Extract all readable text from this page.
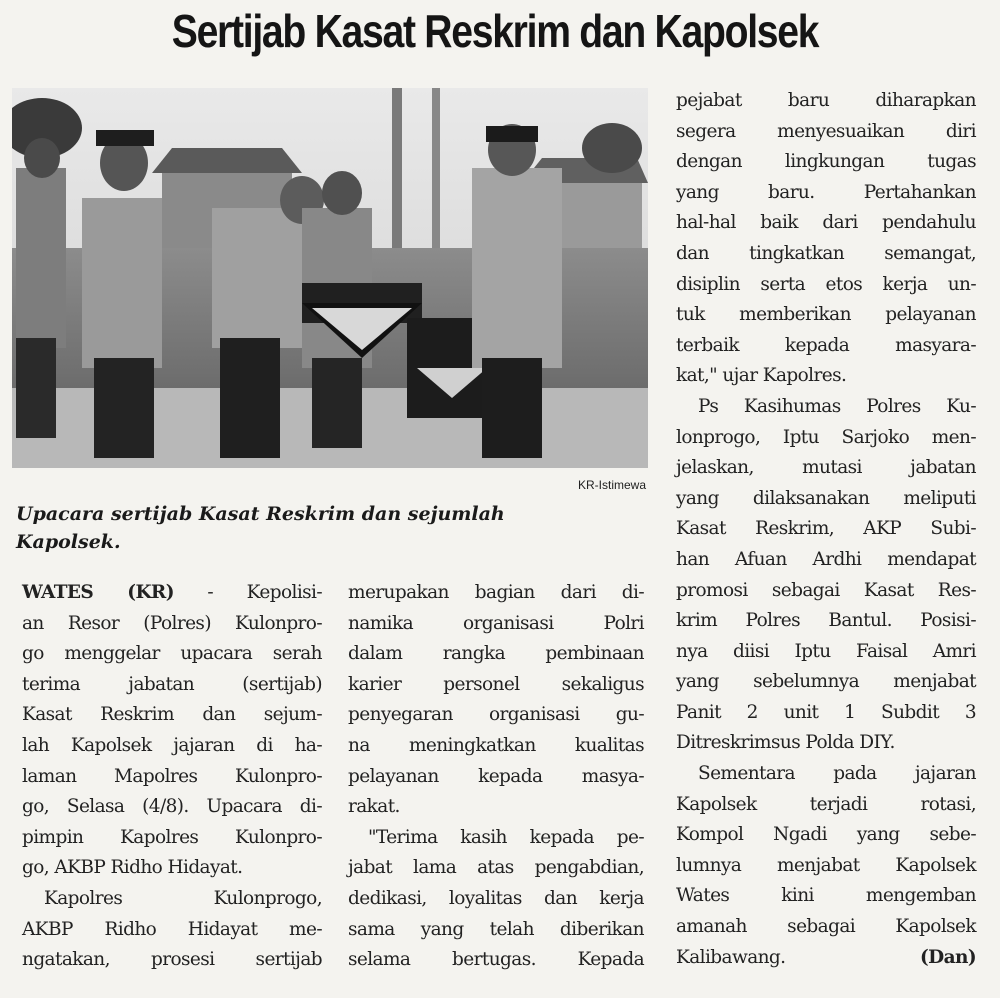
Sertijab Kasat Reskrim dan Kapolsek
KR-Istimewa
Upacara sertijab Kasat Reskrim dan sejumlah
Kapolsek.
WATES (KR) - Kepolisi-
an Resor (Polres) Kulonpro-
go menggelar upacara serah
terima jabatan (sertijab)
Kasat Reskrim dan sejum-
lah Kapolsek jajaran di ha-
laman Mapolres Kulonpro-
go, Selasa (4/8). Upacara di-
pimpin Kapolres Kulonpro-
go, AKBP Ridho Hidayat.
Kapolres Kulonprogo,
AKBP Ridho Hidayat me-
ngatakan, prosesi sertijab
merupakan bagian dari di-
namika organisasi Polri
dalam rangka pembinaan
karier personel sekaligus
penyegaran organisasi gu-
na meningkatkan kualitas
pelayanan kepada masya-
rakat.
"Terima kasih kepada pe-
jabat lama atas pengabdian,
dedikasi, loyalitas dan kerja
sama yang telah diberikan
selama bertugas. Kepada
pejabat baru diharapkan
segera menyesuaikan diri
dengan lingkungan tugas
yang baru. Pertahankan
hal-hal baik dari pendahulu
dan tingkatkan semangat,
disiplin serta etos kerja un-
tuk memberikan pelayanan
terbaik kepada masyara-
kat," ujar Kapolres.
Ps Kasihumas Polres Ku-
lonprogo, Iptu Sarjoko men-
jelaskan, mutasi jabatan
yang dilaksanakan meliputi
Kasat Reskrim, AKP Subi-
han Afuan Ardhi mendapat
promosi sebagai Kasat Res-
krim Polres Bantul. Posisi-
nya diisi Iptu Faisal Amri
yang sebelumnya menjabat
Panit 2 unit 1 Subdit 3
Ditreskrimsus Polda DIY.
Sementara pada jajaran
Kapolsek terjadi rotasi,
Kompol Ngadi yang sebe-
lumnya menjabat Kapolsek
Wates kini mengemban
amanah sebagai Kapolsek
Kalibawang.	(Dan)
